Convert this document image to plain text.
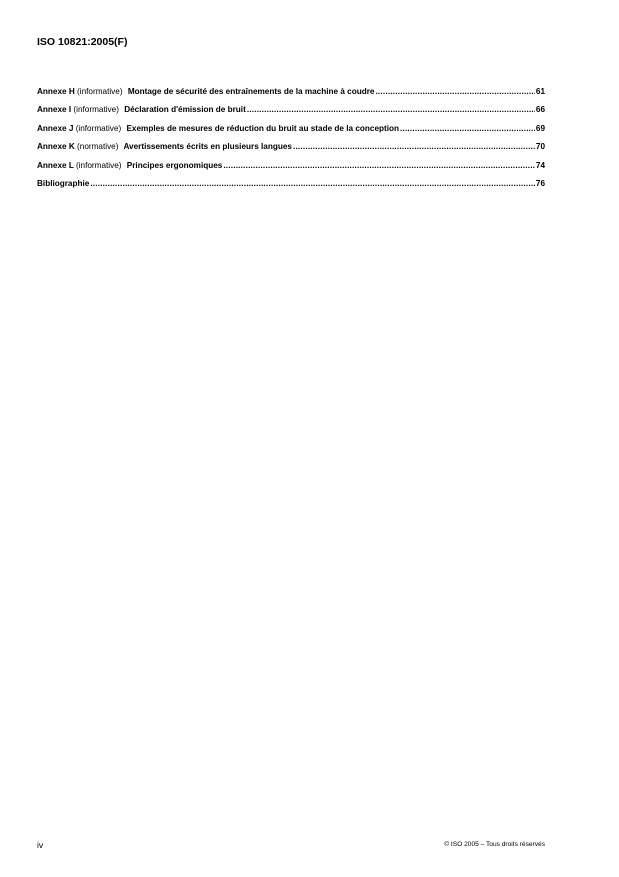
ISO 10821:2005(F)
Annexe H (informative) Montage de sécurité des entraînements de la machine à coudre .....	61
Annexe I (informative) Déclaration d'émission de bruit .....	66
Annexe J (informative) Exemples de mesures de réduction du bruit au stade de la conception .....	69
Annexe K (normative) Avertissements écrits en plusieurs langues .....	70
Annexe L (informative) Principes ergonomiques .....	74
Bibliographie .....	76
iv	© ISO 2005 – Tous droits réservés
